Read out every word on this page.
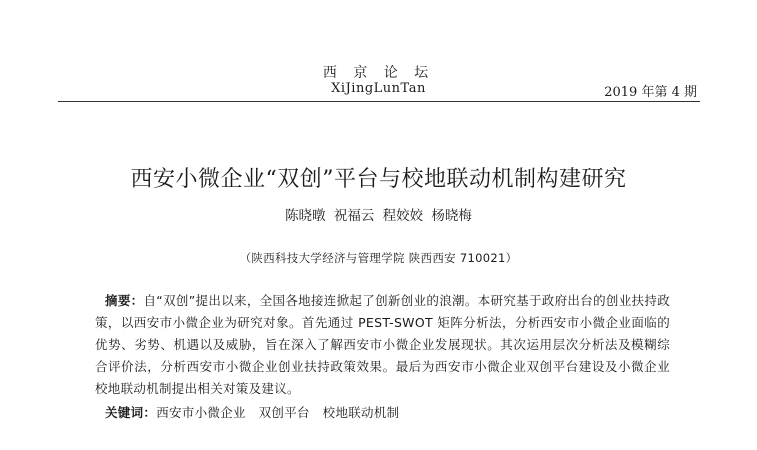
西 京 论 坛
XiJingLunTan	2019 年第 4 期
西安小微企业“双创”平台与校地联动机制构建研究
陈晓暾 祝福云 程姣姣 杨晓梅
（陕西科技大学经济与管理学院 陕西西安 710021）
摘要：自“双创”提出以来，全国各地接连掀起了创新创业的浪潮。本研究基于政府出台的创业扶持政策，以西安市小微企业为研究对象。首先通过 PEST-SWOT 矩阵分析法，分析西安市小微企业面临的优势、劣势、机遇以及威胁，旨在深入了解西安市小微企业发展现状。其次运用层次分析法及模糊综合评价法，分析西安市小微企业创业扶持政策效果。最后为西安市小微企业双创平台建设及小微企业校地联动机制提出相关对策及建议。
关键词：西安市小微企业   双创平台   校地联动机制
